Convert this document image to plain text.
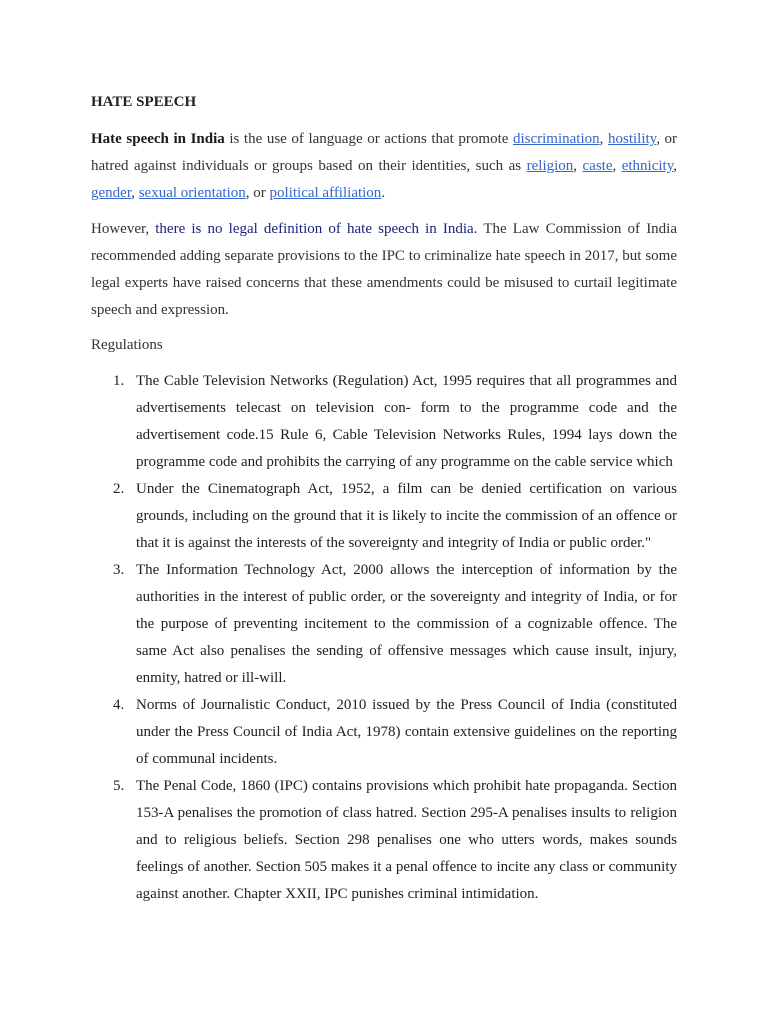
HATE SPEECH

Hate speech in India is the use of language or actions that promote discrimination, hostility, or hatred against individuals or groups based on their identities, such as religion, caste, ethnicity, gender, sexual orientation, or political affiliation.

However, there is no legal definition of hate speech in India. The Law Commission of India recommended adding separate provisions to the IPC to criminalize hate speech in 2017, but some legal experts have raised concerns that these amendments could be misused to curtail legitimate speech and expression.

Regulations
1. The Cable Television Networks (Regulation) Act, 1995 requires that all programmes and advertisements telecast on television con- form to the programme code and the advertisement code.15 Rule 6, Cable Television Networks Rules, 1994 lays down the programme code and prohibits the carrying of any programme on the cable service which
2. Under the Cinematograph Act, 1952, a film can be denied certification on various grounds, including on the ground that it is likely to incite the commission of an offence or that it is against the interests of the sovereignty and integrity of India or public order."
3. The Information Technology Act, 2000 allows the interception of information by the authorities in the interest of public order, or the sovereignty and integrity of India, or for the purpose of preventing incitement to the commission of a cognizable offence. The same Act also penalises the sending of offensive messages which cause insult, injury, enmity, hatred or ill-will.
4. Norms of Journalistic Conduct, 2010 issued by the Press Council of India (constituted under the Press Council of India Act, 1978) contain extensive guidelines on the reporting of communal incidents.
5. The Penal Code, 1860 (IPC) contains provisions which prohibit hate propaganda. Section 153-A penalises the promotion of class hatred. Section 295-A penalises insults to religion and to religious beliefs. Section 298 penalises one who utters words, makes sounds feelings of another. Section 505 makes it a penal offence to incite any class or community against another. Chapter XXII, IPC punishes criminal intimidation.
